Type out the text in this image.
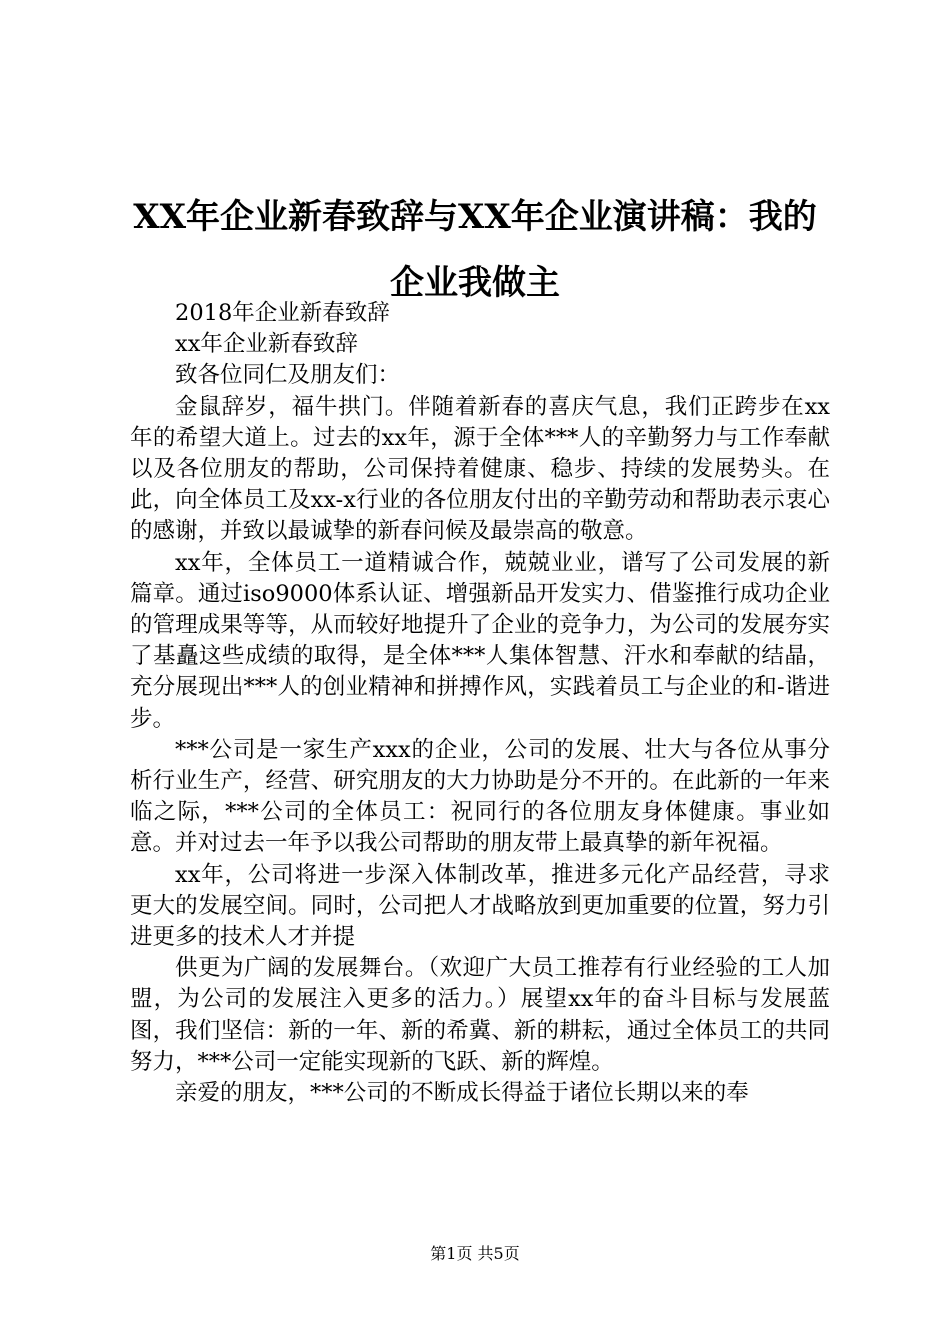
XX年企业新春致辞与XX年企业演讲稿：我的企业我做主

2018年企业新春致辞

xx年企业新春致辞

致各位同仁及朋友们：

金鼠辞岁，福牛拱门。伴随着新春的喜庆气息，我们正跨步在xx年的希望大道上。过去的xx年，源于全体***人的辛勤努力与工作奉献以及各位朋友的帮助，公司保持着健康、稳步、持续的发展势头。在此，向全体员工及xx-x行业的各位朋友付出的辛勤劳动和帮助表示衷心的感谢，并致以最诚挚的新春问候及最崇高的敬意。

xx年，全体员工一道精诚合作，兢兢业业，谱写了公司发展的新篇章。通过iso9000体系认证、增强新品开发实力、借鉴推行成功企业的管理成果等等，从而较好地提升了企业的竞争力，为公司的发展夯实了基矗这些成绩的取得，是全体***人集体智慧、汗水和奉献的结晶，充分展现出***人的创业精神和拼搏作风，实践着员工与企业的和-谐进步。

***公司是一家生产xxx的企业，公司的发展、壮大与各位从事分析行业生产，经营、研究朋友的大力协助是分不开的。在此新的一年来临之际，***公司的全体员工：祝同行的各位朋友身体健康。事业如意。并对过去一年予以我公司帮助的朋友带上最真挚的新年祝福。

xx年，公司将进一步深入体制改革，推进多元化产品经营，寻求更大的发展空间。同时，公司把人才战略放到更加重要的位置，努力引进更多的技术人才并提

供更为广阔的发展舞台。（欢迎广大员工推荐有行业经验的工人加盟，为公司的发展注入更多的活力。）展望xx年的奋斗目标与发展蓝图，我们坚信：新的一年、新的希冀、新的耕耘，通过全体员工的共同努力，***公司一定能实现新的飞跃、新的辉煌。

亲爱的朋友，***公司的不断成长得益于诸位长期以来的奉

第1页 共5页
